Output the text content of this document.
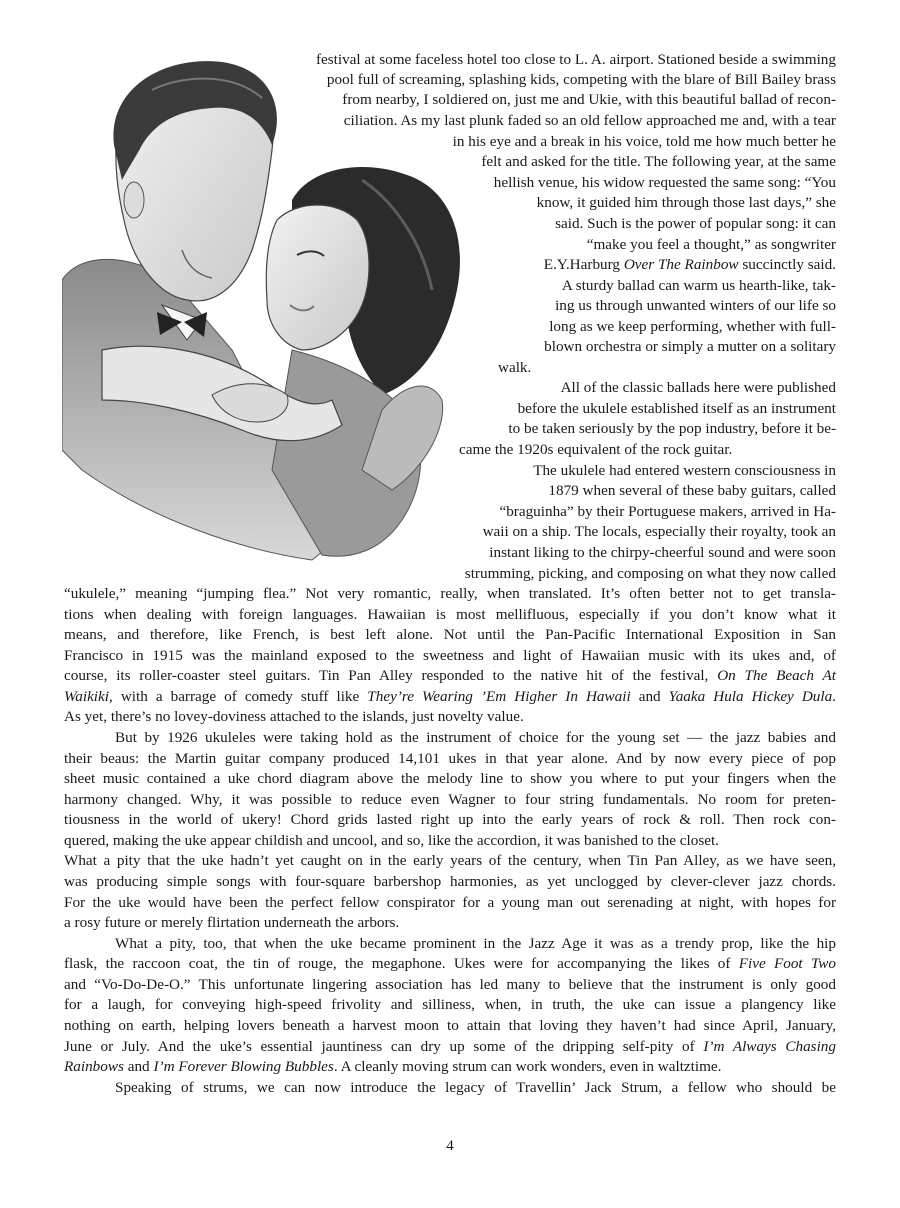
festival at some faceless hotel too close to L. A. airport. Stationed beside a swimming
pool full of screaming, splashing kids, competing with the blare of Bill Bailey brass
from nearby, I soldiered on, just me and Ukie, with this beautiful ballad of recon-
ciliation. As my last plunk faded so an old fellow approached me and, with a tear
in his eye and a break in his voice, told me how much better he
felt and asked for the title. The following year, at the same
hellish venue, his widow requested the same song: “You
know, it guided him through those last days,” she
said. Such is the power of popular song: it can
“make you feel a thought,” as songwriter
E.Y.Harburg Over The Rainbow succinctly said.
A sturdy ballad can warm us hearth-like, tak-
ing us through unwanted winters of our life so
long as we keep performing, whether with full-
blown orchestra or simply a mutter on a solitary
walk.
All of the classic ballads here were published
before the ukulele established itself as an instrument
to be taken seriously by the pop industry, before it be-
came the 1920s equivalent of the rock guitar.
The ukulele had entered western consciousness in
1879 when several of these baby guitars, called
“braguinha” by their Portuguese makers, arrived in Ha-
waii on a ship. The locals, especially their royalty, took an
instant liking to the chirpy-cheerful sound and were soon
strumming, picking, and composing on what they now called
“ukulele,” meaning “jumping flea.” Not very romantic, really, when translated. It’s often better not to get transla-
tions when dealing with foreign languages. Hawaiian is most mellifluous, especially if you don’t know what it
means, and therefore, like French, is best left alone. Not until the Pan-Pacific International Exposition in San
Francisco in 1915 was the mainland exposed to the sweetness and light of Hawaiian music with its ukes and, of
course, its roller-coaster steel guitars. Tin Pan Alley responded to the native hit of the festival, On The Beach At
Waikiki, with a barrage of comedy stuff like They’re Wearing ’Em Higher In Hawaii and Yaaka Hula Hickey Dula.
As yet, there’s no lovey-doviness attached to the islands, just novelty value.
But by 1926 ukuleles were taking hold as the instrument of choice for the young set — the jazz babies and
their beaus: the Martin guitar company produced 14,101 ukes in that year alone. And by now every piece of pop
sheet music contained a uke chord diagram above the melody line to show you where to put your fingers when the
harmony changed. Why, it was possible to reduce even Wagner to four string fundamentals. No room for preten-
tiousness in the world of ukery! Chord grids lasted right up into the early years of rock & roll. Then rock con-
quered, making the uke appear childish and uncool, and so, like the accordion, it was banished to the closet.
What a pity that the uke hadn’t yet caught on in the early years of the century, when Tin Pan Alley, as we have seen,
was producing simple songs with four-square barbershop harmonies, as yet unclogged by clever-clever jazz chords.
For the uke would have been the perfect fellow conspirator for a young man out serenading at night, with hopes for
a rosy future or merely flirtation underneath the arbors.
What a pity, too, that when the uke became prominent in the Jazz Age it was as a trendy prop, like the hip
flask, the raccoon coat, the tin of rouge, the megaphone. Ukes were for accompanying the likes of Five Foot Two
and “Vo-Do-De-O.” This unfortunate lingering association has led many to believe that the instrument is only good
for a laugh, for conveying high-speed frivolity and silliness, when, in truth, the uke can issue a plangency like
nothing on earth, helping lovers beneath a harvest moon to attain that loving they haven’t had since April, January,
June or July. And the uke’s essential jauntiness can dry up some of the dripping self-pity of I’m Always Chasing
Rainbows and I’m Forever Blowing Bubbles. A cleanly moving strum can work wonders, even in waltztime.
Speaking of strums, we can now introduce the legacy of Travellin’ Jack Strum, a fellow who should be
4
